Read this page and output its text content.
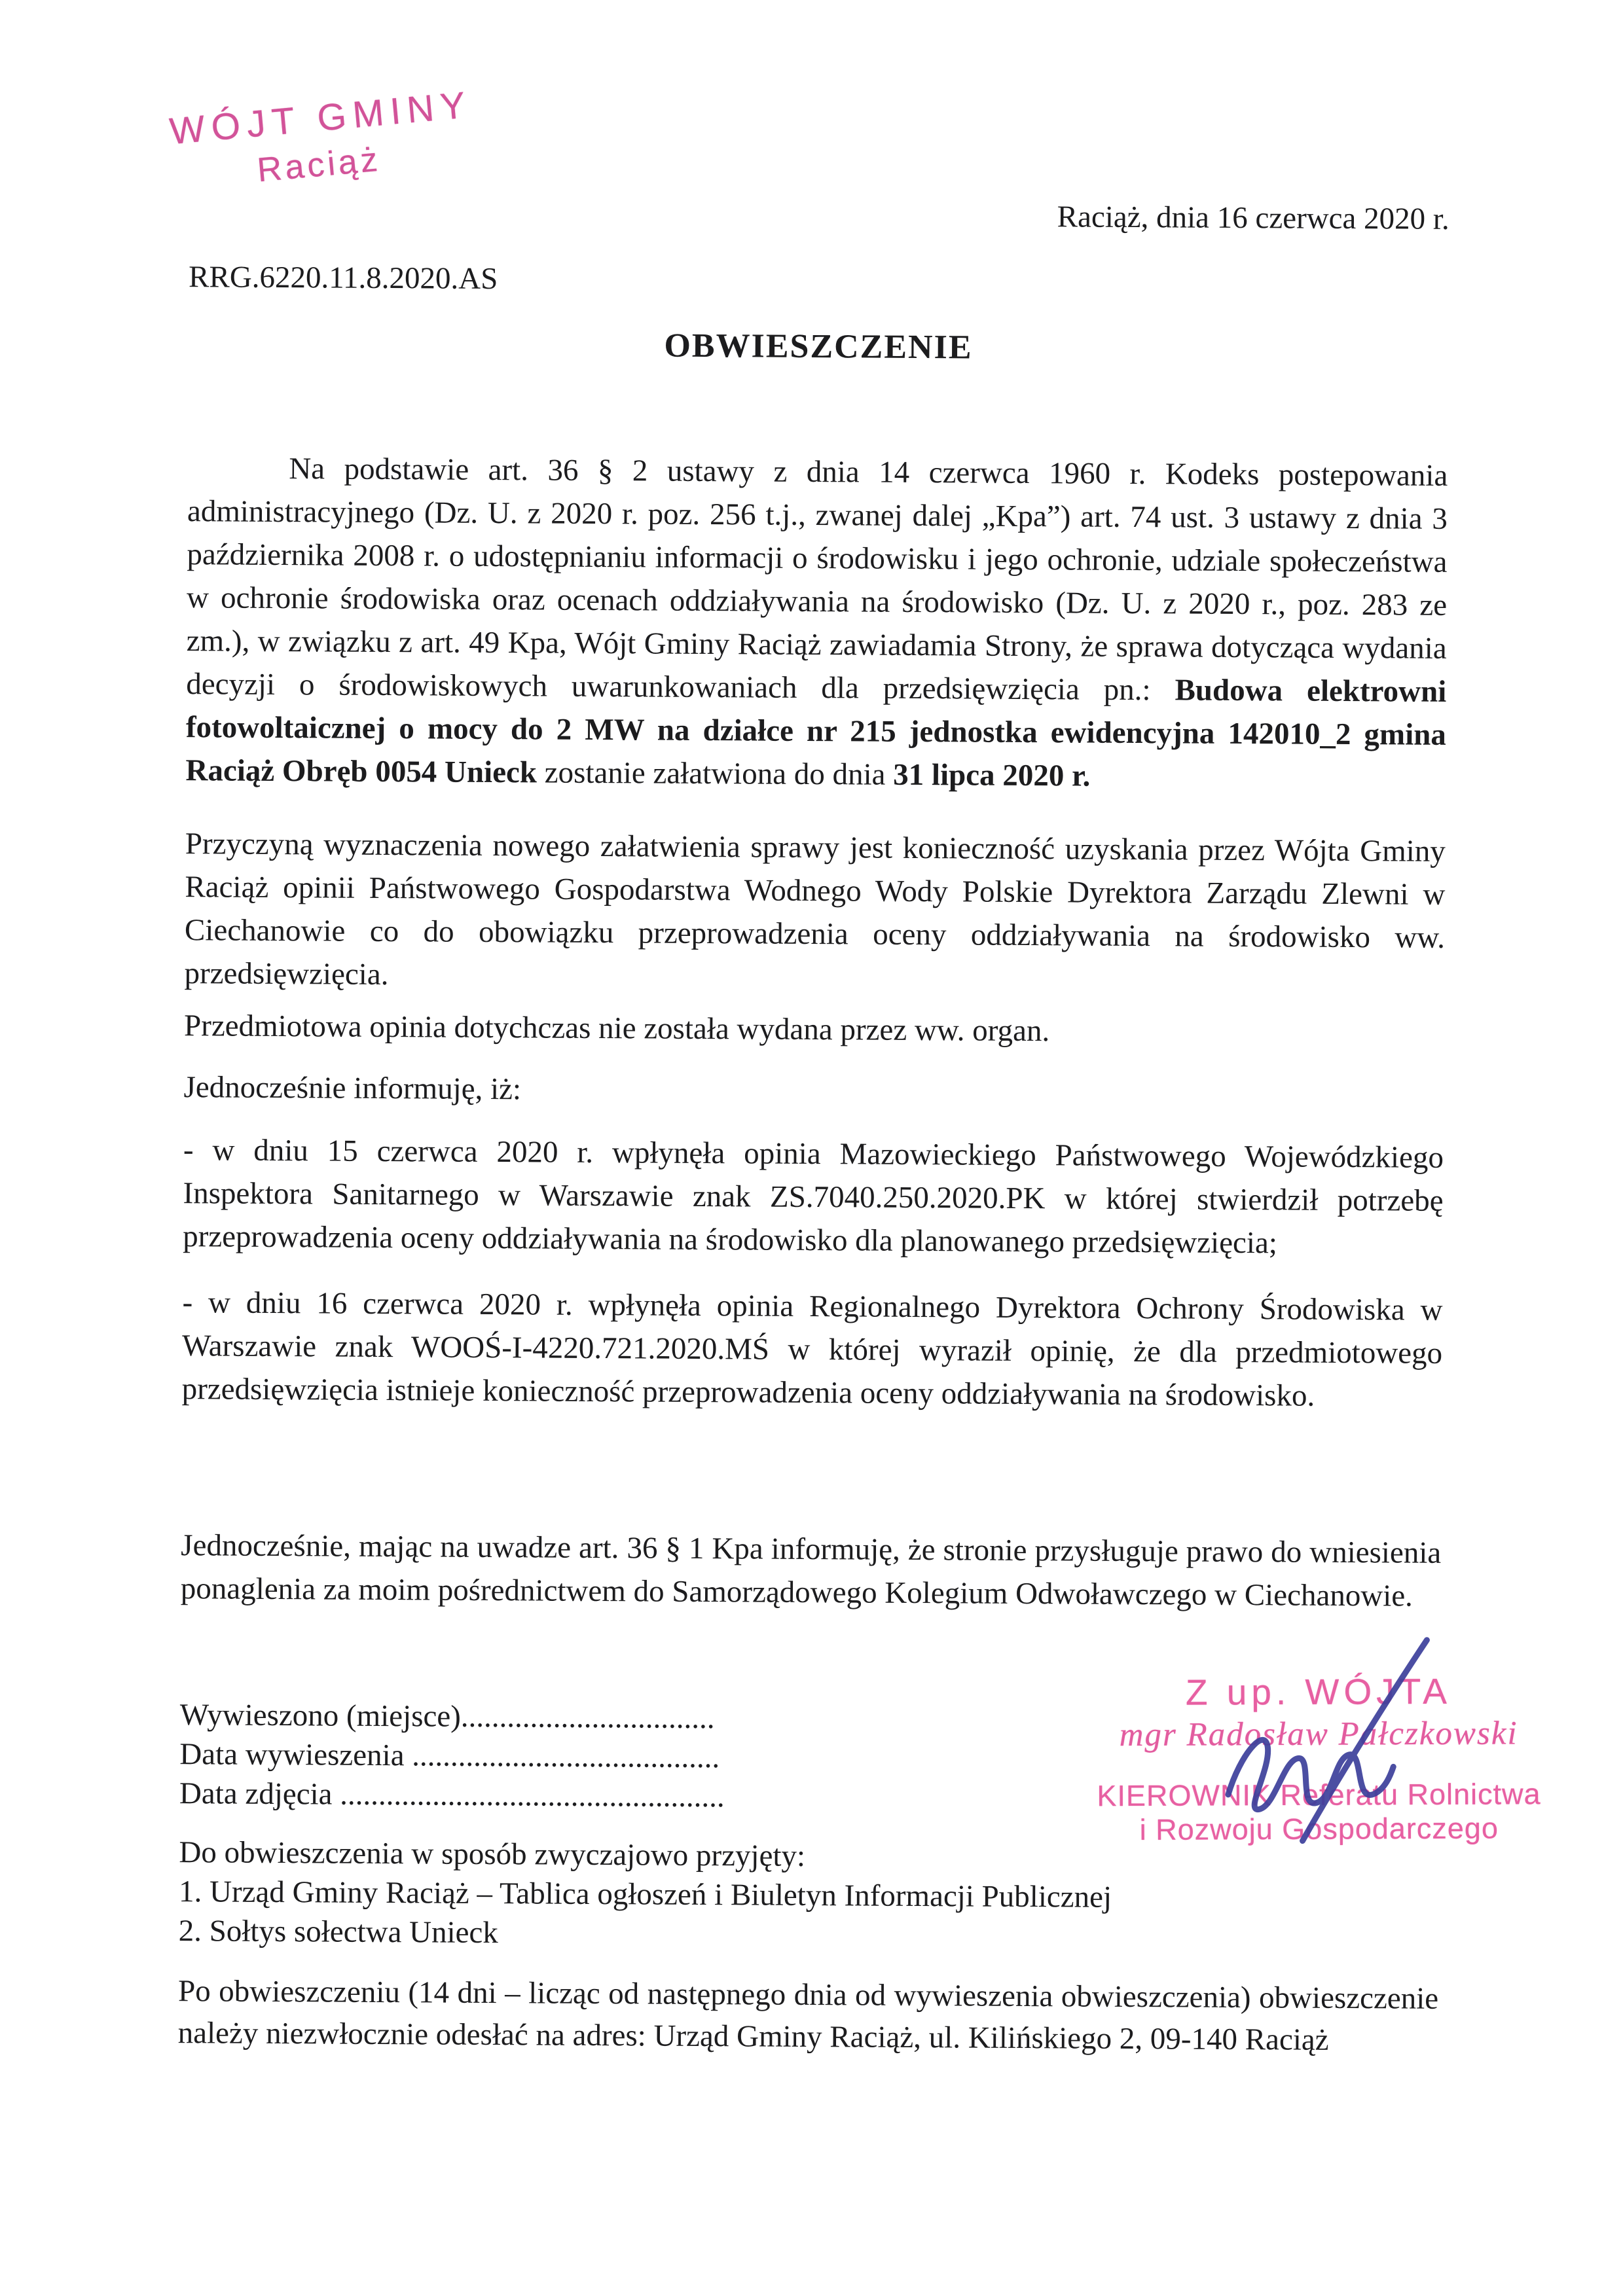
WÓJT GMINY
Raciąż
Raciąż, dnia 16 czerwca 2020 r.
RRG.6220.11.8.2020.AS
OBWIESZCZENIE

Na podstawie art. 36 § 2 ustawy z dnia 14 czerwca 1960 r. Kodeks postepowania administracyjnego (Dz. U. z 2020 r. poz. 256 t.j., zwanej dalej „Kpa”) art. 74 ust. 3 ustawy z dnia 3 października 2008 r. o udostępnianiu informacji o środowisku i jego ochronie, udziale społeczeństwa w ochronie środowiska oraz ocenach oddziaływania na środowisko (Dz. U. z 2020 r., poz. 283 ze zm.), w związku z art. 49 Kpa, Wójt Gminy Raciąż zawiadamia Strony, że sprawa dotycząca wydania decyzji o środowiskowych uwarunkowaniach dla przedsięwzięcia pn.: Budowa elektrowni fotowoltaicznej o mocy do 2 MW na działce nr 215 jednostka ewidencyjna 142010_2 gmina Raciąż Obręb 0054 Unieck zostanie załatwiona do dnia 31 lipca 2020 r.

Przyczyną wyznaczenia nowego załatwienia sprawy jest konieczność uzyskania przez Wójta Gminy Raciąż opinii Państwowego Gospodarstwa Wodnego Wody Polskie Dyrektora Zarządu Zlewni w Ciechanowie co do obowiązku przeprowadzenia oceny oddziaływania na środowisko ww. przedsięwzięcia.

Przedmiotowa opinia dotychczas nie została wydana przez ww. organ.

Jednocześnie informuję, iż:

- w dniu 15 czerwca 2020 r. wpłynęła opinia Mazowieckiego Państwowego Wojewódzkiego Inspektora Sanitarnego w Warszawie znak ZS.7040.250.2020.PK w której stwierdził potrzebę przeprowadzenia oceny oddziaływania na środowisko dla planowanego przedsięwzięcia;

- w dniu 16 czerwca 2020 r. wpłynęła opinia Regionalnego Dyrektora Ochrony Środowiska w Warszawie znak WOOŚ-I-4220.721.2020.MŚ w której wyraził opinię, że dla przedmiotowego przedsięwzięcia istnieje konieczność przeprowadzenia oceny oddziaływania na środowisko.

Jednocześnie, mając na uwadze art. 36 § 1 Kpa informuję, że stronie przysługuje prawo do wniesienia ponaglenia za moim pośrednictwem do Samorządowego Kolegium Odwoławczego w Ciechanowie.

Wywieszono (miejsce).................................
Data wywieszenia ........................................
Data zdjęcia ..................................................
Z up. WÓJTA
mgr Radosław Pałczkowski
KIEROWNIK Referatu Rolnictwa
i Rozwoju Gospodarczego
Do obwieszczenia w sposób zwyczajowo przyjęty:
1. Urząd Gminy Raciąż – Tablica ogłoszeń i Biuletyn Informacji Publicznej
2. Sołtys sołectwa Unieck

Po obwieszczeniu (14 dni – licząc od następnego dnia od wywieszenia obwieszczenia) obwieszczenie należy niezwłocznie odesłać na adres: Urząd Gminy Raciąż, ul. Kilińskiego 2, 09-140 Raciąż
